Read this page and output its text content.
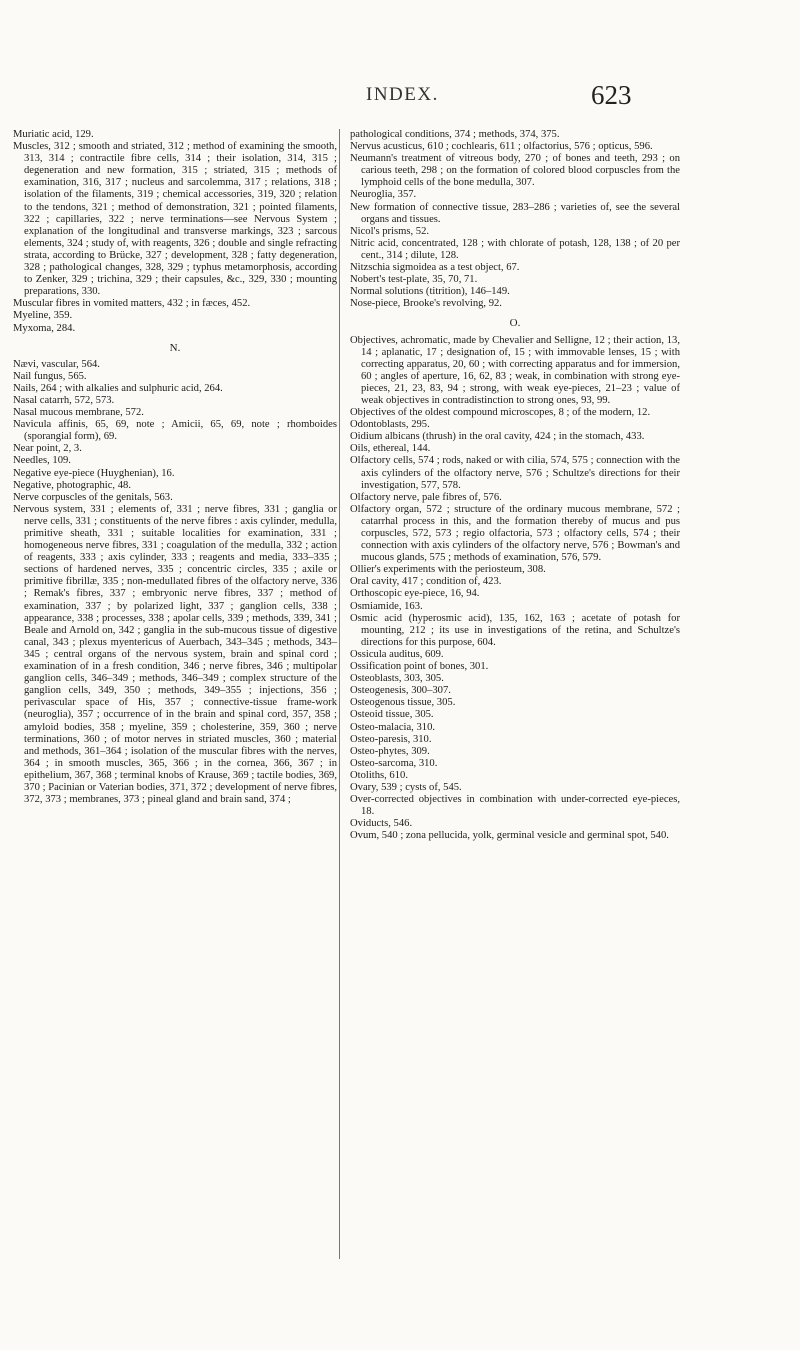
INDEX.	623

Muriatic acid, 129.

Muscles, 312 ; smooth and striated, 312 ; method of examining the smooth, 313, 314 ; contractile fibre cells, 314 ; their isolation, 314, 315 ; degeneration and new formation, 315 ; striated, 315 ; methods of examination, 316, 317 ; nucleus and sarcolemma, 317 ; relations, 318 ; isolation of the filaments, 319 ; chemical accessories, 319, 320 ; relation to the tendons, 321 ; method of demonstration, 321 ; pointed filaments, 322 ; capillaries, 322 ; nerve terminations—see Nervous System ; explanation of the longitudinal and transverse markings, 323 ; sarcous elements, 324 ; study of, with reagents, 326 ; double and single refracting strata, according to Brücke, 327 ; development, 328 ; fatty degeneration, 328 ; pathological changes, 328, 329 ; typhus metamorphosis, according to Zenker, 329 ; trichina, 329 ; their capsules, &c., 329, 330 ; mounting preparations, 330.

Muscular fibres in vomited matters, 432 ; in fæces, 452.

Myeline, 359.

Myxoma, 284.

N.

Nævi, vascular, 564.

Nail fungus, 565.

Nails, 264 ; with alkalies and sulphuric acid, 264.

Nasal catarrh, 572, 573.

Nasal mucous membrane, 572.

Navicula affinis, 65, 69, note ; Amicii, 65, 69, note ; rhomboides (sporangial form), 69.

Near point, 2, 3.

Needles, 109.

Negative eye-piece (Huyghenian), 16.

Negative, photographic, 48.

Nerve corpuscles of the genitals, 563.

Nervous system, 331 ; elements of, 331 ; nerve fibres, 331 ; ganglia or nerve cells, 331 ; constituents of the nerve fibres : axis cylinder, medulla, primitive sheath, 331 ; suitable localities for examination, 331 ; homogeneous nerve fibres, 331 ; coagulation of the medulla, 332 ; action of reagents, 333 ; axis cylinder, 333 ; reagents and media, 333–335 ; sections of hardened nerves, 335 ; concentric circles, 335 ; axile or primitive fibrillæ, 335 ; non-medullated fibres of the olfactory nerve, 336 ; Remak's fibres, 337 ; embryonic nerve fibres, 337 ; method of examination, 337 ; by polarized light, 337 ; ganglion cells, 338 ; appearance, 338 ; processes, 338 ; apolar cells, 339 ; methods, 339, 341 ; Beale and Arnold on, 342 ; ganglia in the sub-mucous tissue of digestive canal, 343 ; plexus myentericus of Auerbach, 343–345 ; methods, 343–345 ; central organs of the nervous system, brain and spinal cord ; examination of in a fresh condition, 346 ; nerve fibres, 346 ; multipolar ganglion cells, 346–349 ; methods, 346–349 ; complex structure of the ganglion cells, 349, 350 ; methods, 349–355 ; injections, 356 ; perivascular space of His, 357 ; connective-tissue frame-work (neuroglia), 357 ; occurrence of in the brain and spinal cord, 357, 358 ; amyloid bodies, 358 ; myeline, 359 ; cholesterine, 359, 360 ; nerve terminations, 360 ; of motor nerves in striated muscles, 360 ; material and methods, 361–364 ; isolation of the muscular fibres with the nerves, 364 ; in smooth muscles, 365, 366 ; in the cornea, 366, 367 ; in epithelium, 367, 368 ; terminal knobs of Krause, 369 ; tactile bodies, 369, 370 ; Pacinian or Vaterian bodies, 371, 372 ; development of nerve fibres, 372, 373 ; membranes, 373 ; pineal gland and brain sand, 374 ;

pathological conditions, 374 ; methods, 374, 375.

Nervus acusticus, 610 ; cochlearis, 611 ; olfactorius, 576 ; opticus, 596.

Neumann's treatment of vitreous body, 270 ; of bones and teeth, 293 ; on carious teeth, 298 ; on the formation of colored blood corpuscles from the lymphoid cells of the bone medulla, 307.

Neuroglia, 357.

New formation of connective tissue, 283–286 ; varieties of, see the several organs and tissues.

Nicol's prisms, 52.

Nitric acid, concentrated, 128 ; with chlorate of potash, 128, 138 ; of 20 per cent., 314 ; dilute, 128.

Nitzschia sigmoidea as a test object, 67.

Nobert's test-plate, 35, 70, 71.

Normal solutions (titrition), 146–149.

Nose-piece, Brooke's revolving, 92.

O.

Objectives, achromatic, made by Chevalier and Selligne, 12 ; their action, 13, 14 ; aplanatic, 17 ; designation of, 15 ; with immovable lenses, 15 ; with correcting apparatus, 20, 60 ; with correcting apparatus and for immersion, 60 ; angles of aperture, 16, 62, 83 ; weak, in combination with strong eye-pieces, 21, 23, 83, 94 ; strong, with weak eye-pieces, 21–23 ; value of weak objectives in contradistinction to strong ones, 93, 99.

Objectives of the oldest compound microscopes, 8 ; of the modern, 12.

Odontoblasts, 295.

Oidium albicans (thrush) in the oral cavity, 424 ; in the stomach, 433.

Oils, ethereal, 144.

Olfactory cells, 574 ; rods, naked or with cilia, 574, 575 ; connection with the axis cylinders of the olfactory nerve, 576 ; Schultze's directions for their investigation, 577, 578.

Olfactory nerve, pale fibres of, 576.

Olfactory organ, 572 ; structure of the ordinary mucous membrane, 572 ; catarrhal process in this, and the formation thereby of mucus and pus corpuscles, 572, 573 ; regio olfactoria, 573 ; olfactory cells, 574 ; their connection with axis cylinders of the olfactory nerve, 576 ; Bowman's and mucous glands, 575 ; methods of examination, 576, 579.

Ollier's experiments with the periosteum, 308.

Oral cavity, 417 ; condition of, 423.

Orthoscopic eye-piece, 16, 94.

Osmiamide, 163.

Osmic acid (hyperosmic acid), 135, 162, 163 ; acetate of potash for mounting, 212 ; its use in investigations of the retina, and Schultze's directions for this purpose, 604.

Ossicula auditus, 609.

Ossification point of bones, 301.

Osteoblasts, 303, 305.

Osteogenesis, 300–307.

Osteogenous tissue, 305.

Osteoid tissue, 305.

Osteo-malacia, 310.

Osteo-paresis, 310.

Osteo-phytes, 309.

Osteo-sarcoma, 310.

Otoliths, 610.

Ovary, 539 ; cysts of, 545.

Over-corrected objectives in combination with under-corrected eye-pieces, 18.

Oviducts, 546.

Ovum, 540 ; zona pellucida, yolk, germinal vesicle and germinal spot, 540.
